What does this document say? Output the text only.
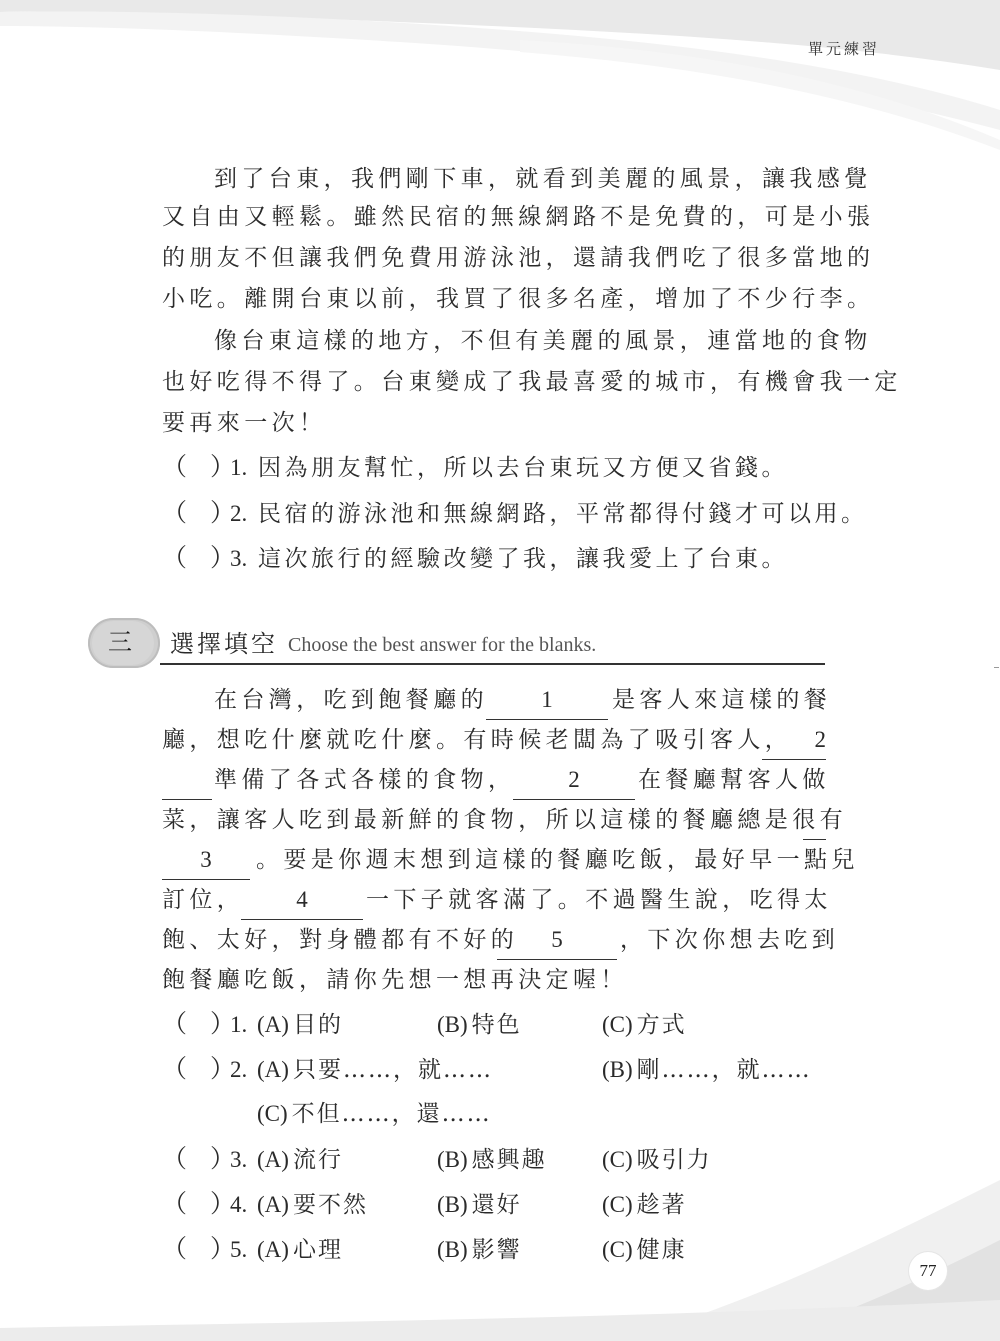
單元練習
到了台東，我們剛下車，就看到美麗的風景，讓我感覺
又自由又輕鬆。雖然民宿的無線網路不是免費的，可是小張
的朋友不但讓我們免費用游泳池，還請我們吃了很多當地的
小吃。離開台東以前，我買了很多名產，增加了不少行李。
像台東這樣的地方，不但有美麗的風景，連當地的食物
也好吃得不得了。台東變成了我最喜愛的城市，有機會我一定
要再來一次！
（ ）
1. 因為朋友幫忙，所以去台東玩又方便又省錢。
（ ）
2. 民宿的游泳池和無線網路，平常都得付錢才可以用。
（ ）
3. 這次旅行的經驗改變了我，讓我愛上了台東。
三 選擇填空 Choose the best answer for the blanks.
在台灣，吃到飽餐廳的	1	是客人來這樣的餐
廳，想吃什麼就吃什麼。有時候老闆為了吸引客人， 2
準備了各式各樣的食物，	2	在餐廳幫客人做
菜，讓客人吃到最新鮮的食物，所以這樣的餐廳總是很有
3	。要是你週末想到這樣的餐廳吃飯，最好早一點兒
訂位，	4	一下子就客滿了。不過醫生說，吃得太
飽、太好，對身體都有不好的	5	，下次你想去吃到
飽餐廳吃飯，請你先想一想再決定喔！
（ ）
1. (A) 目的	(B) 特色	(C) 方式
（ ）
2. (A) 只要……，就……	(B) 剛……，就……
(C) 不但……，還……
（ ）
3. (A) 流行	(B) 感興趣 (C) 吸引力
（ ）
4. (A) 要不然	(B) 還好	(C) 趁著
（ ）
5. (A) 心理	(B) 影響	(C) 健康
77
